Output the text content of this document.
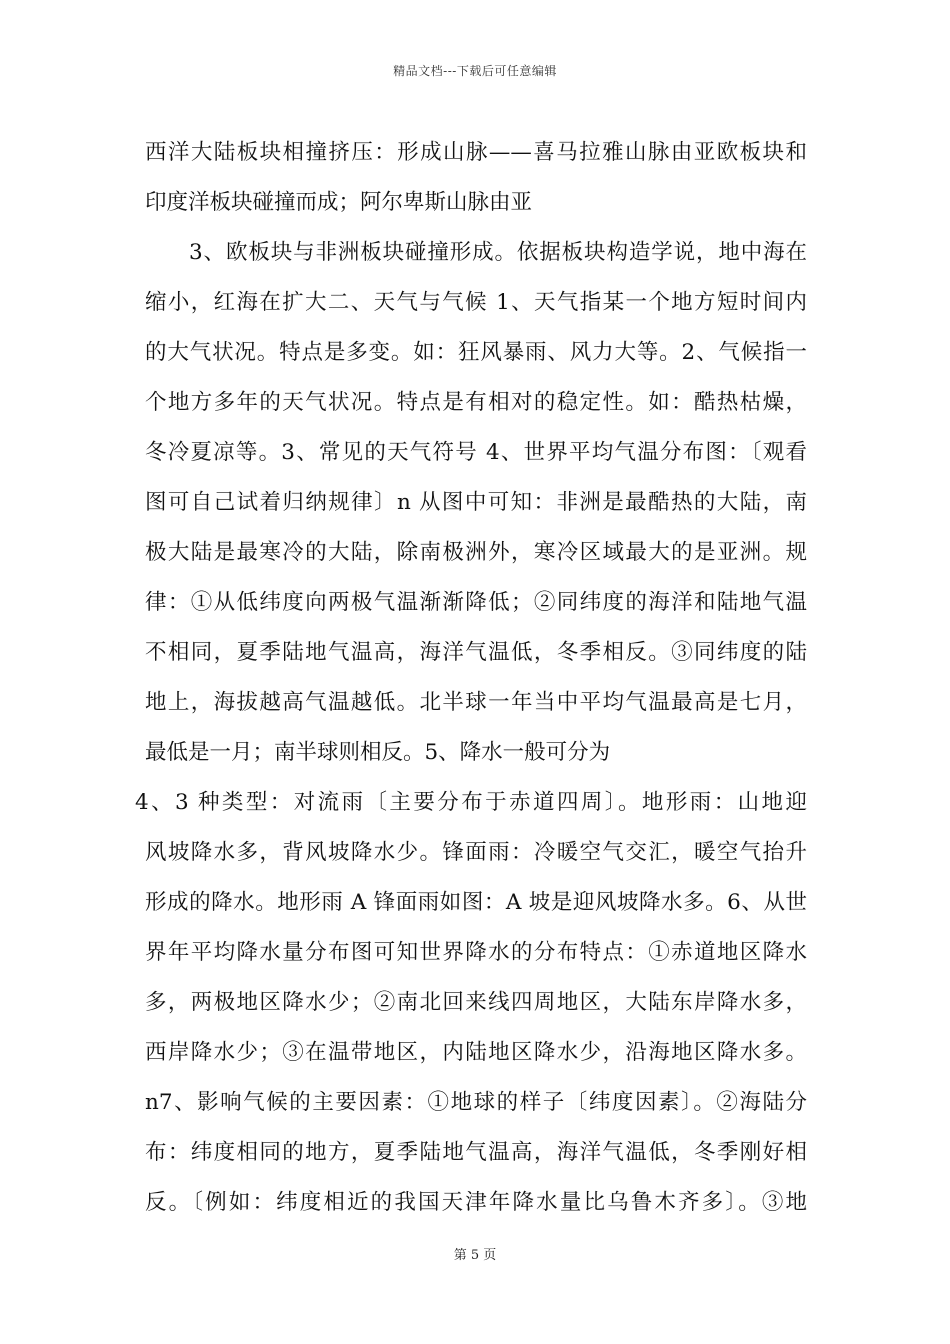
精品文档---下载后可任意编辑
西洋大陆板块相撞挤压：形成山脉——喜马拉雅山脉由亚欧板块和
印度洋板块碰撞而成；阿尔卑斯山脉由亚
3、欧板块与非洲板块碰撞形成。依据板块构造学说，地中海在
缩小，红海在扩大二、天气与气候 1、天气指某一个地方短时间内
的大气状况。特点是多变。如：狂风暴雨、风力大等。2、气候指一
个地方多年的天气状况。特点是有相对的稳定性。如：酷热枯燥，
冬冷夏凉等。3、常见的天气符号 4、世界平均气温分布图：〔观看
图可自己试着归纳规律〕n 从图中可知：非洲是最酷热的大陆，南
极大陆是最寒冷的大陆，除南极洲外，寒冷区域最大的是亚洲。规
律：①从低纬度向两极气温渐渐降低；②同纬度的海洋和陆地气温
不相同，夏季陆地气温高，海洋气温低，冬季相反。③同纬度的陆
地上，海拔越高气温越低。北半球一年当中平均气温最高是七月，
最低是一月；南半球则相反。5、降水一般可分为
4、3 种类型：对流雨〔主要分布于赤道四周〕。地形雨：山地迎
风坡降水多，背风坡降水少。锋面雨：冷暖空气交汇，暖空气抬升
形成的降水。地形雨 A 锋面雨如图：A 坡是迎风坡降水多。6、从世
界年平均降水量分布图可知世界降水的分布特点：①赤道地区降水
多，两极地区降水少；②南北回来线四周地区，大陆东岸降水多，
西岸降水少；③在温带地区，内陆地区降水少，沿海地区降水多。
n7、影响气候的主要因素：①地球的样子〔纬度因素〕。②海陆分
布：纬度相同的地方，夏季陆地气温高，海洋气温低，冬季刚好相
反。〔例如：纬度相近的我国天津年降水量比乌鲁木齐多〕。③地
第 5 页
